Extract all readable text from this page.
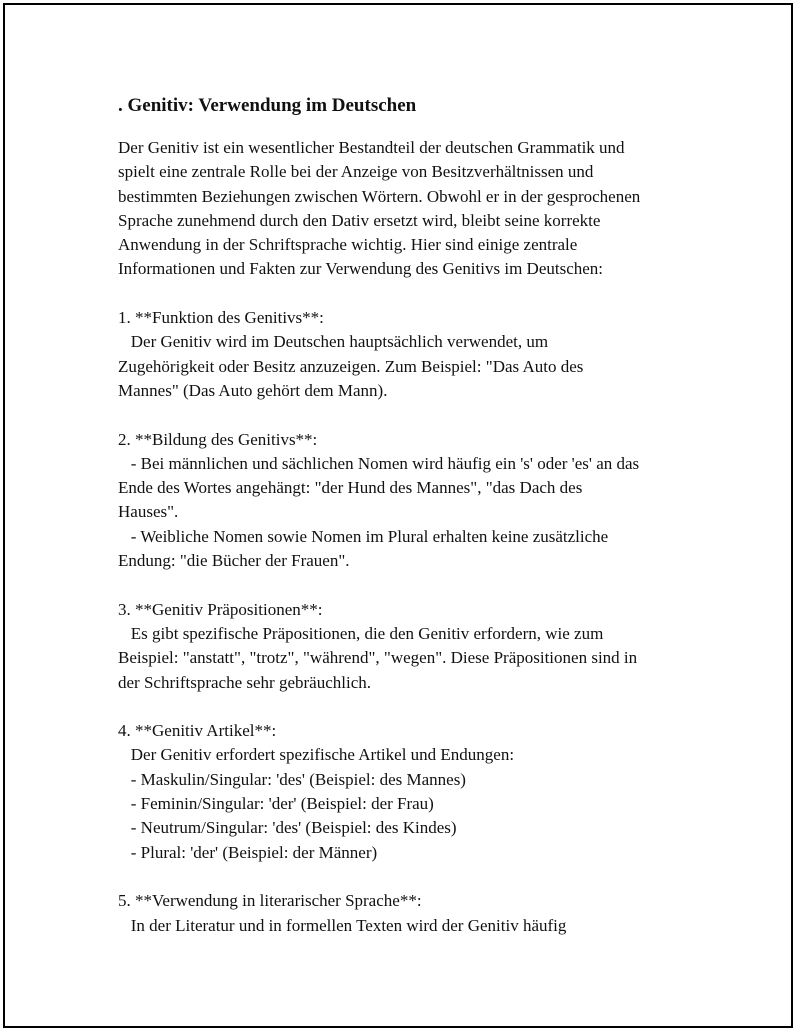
. Genitiv: Verwendung im Deutschen
Der Genitiv ist ein wesentlicher Bestandteil der deutschen Grammatik und
spielt eine zentrale Rolle bei der Anzeige von Besitzverhältnissen und
bestimmten Beziehungen zwischen Wörtern. Obwohl er in der gesprochenen
Sprache zunehmend durch den Dativ ersetzt wird, bleibt seine korrekte
Anwendung in der Schriftsprache wichtig. Hier sind einige zentrale
Informationen und Fakten zur Verwendung des Genitivs im Deutschen:
1. **Funktion des Genitivs**:
Der Genitiv wird im Deutschen hauptsächlich verwendet, um
Zugehörigkeit oder Besitz anzuzeigen. Zum Beispiel: "Das Auto des
Mannes" (Das Auto gehört dem Mann).
2. **Bildung des Genitivs**:
- Bei männlichen und sächlichen Nomen wird häufig ein 's' oder 'es' an das
Ende des Wortes angehängt: "der Hund des Mannes", "das Dach des
Hauses".
- Weibliche Nomen sowie Nomen im Plural erhalten keine zusätzliche
Endung: "die Bücher der Frauen".
3. **Genitiv Präpositionen**:
Es gibt spezifische Präpositionen, die den Genitiv erfordern, wie zum
Beispiel: "anstatt", "trotz", "während", "wegen". Diese Präpositionen sind in
der Schriftsprache sehr gebräuchlich.
4. **Genitiv Artikel**:
Der Genitiv erfordert spezifische Artikel und Endungen:
- Maskulin/Singular: 'des' (Beispiel: des Mannes)
- Feminin/Singular: 'der' (Beispiel: der Frau)
- Neutrum/Singular: 'des' (Beispiel: des Kindes)
- Plural: 'der' (Beispiel: der Männer)
5. **Verwendung in literarischer Sprache**:
In der Literatur und in formellen Texten wird der Genitiv häufig
